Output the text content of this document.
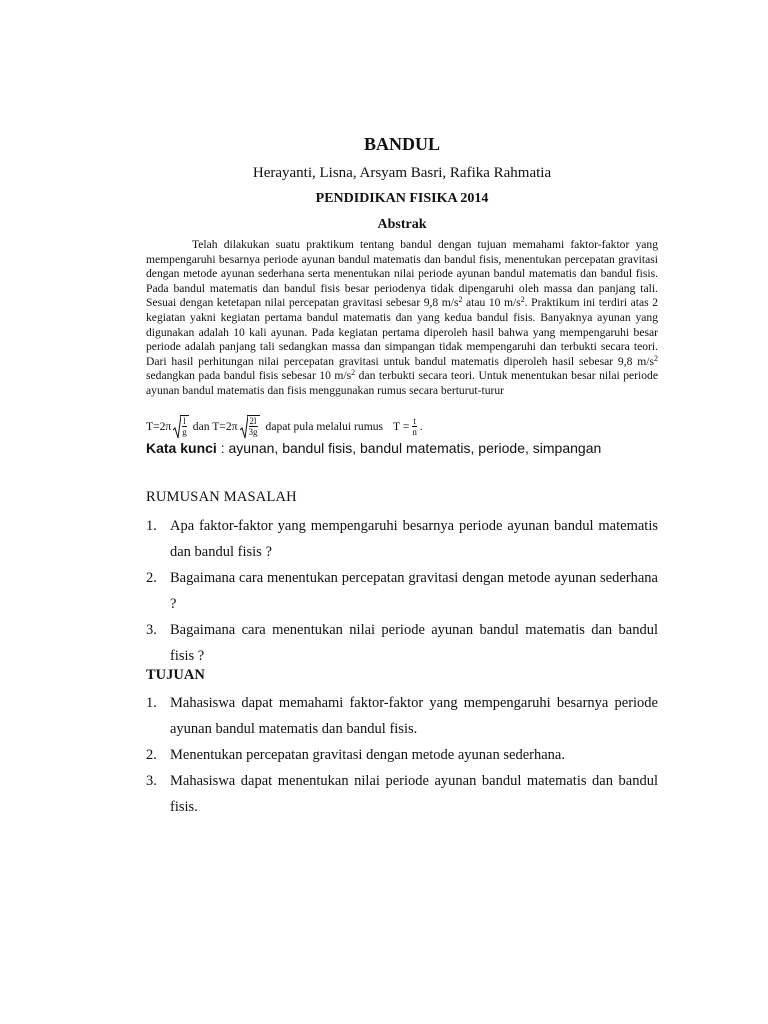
BANDUL
Herayanti, Lisna, Arsyam Basri, Rafika Rahmatia
PENDIDIKAN FISIKA 2014
Abstrak
Telah dilakukan suatu praktikum tentang bandul dengan tujuan memahami faktor-faktor yang mempengaruhi besarnya periode ayunan bandul matematis dan bandul fisis, menentukan percepatan gravitasi dengan metode ayunan sederhana serta menentukan nilai periode ayunan bandul matematis dan bandul fisis. Pada bandul matematis dan bandul fisis besar periodenya tidak dipengaruhi oleh massa dan panjang tali. Sesuai dengan ketetapan nilai percepatan gravitasi sebesar 9,8 $m/s^2$ atau 10 $m/s^2$. Praktikum ini terdiri atas 2 kegiatan yakni kegiatan pertama bandul matematis dan yang kedua bandul fisis. Banyaknya ayunan yang digunakan adalah 10 kali ayunan. Pada kegiatan pertama diperoleh hasil bahwa yang mempengaruhi besar periode adalah panjang tali sedangkan massa dan simpangan tidak mempengaruhi dan terbukti secara teori. Dari hasil perhitungan nilai percepatan gravitasi untuk bandul matematis diperoleh hasil sebesar 9,8 $m/s^2$ sedangkan pada bandul fisis sebesar 10 $m/s^2$ dan terbukti secara teori. Untuk menentukan besar nilai periode ayunan bandul matematis dan fisis menggunakan rumus secara berturut-turur
$T=2\pi \frac{l}{g}$ dan $T=2\pi \frac{2l}{3g}$ dapat pula melalui rumus $T = \frac{t}{n}$ .
Kata kunci : ayunan, bandul fisis, bandul matematis, periode, simpangan
RUMUSAN MASALAH
1. Apa faktor-faktor yang mempengaruhi besarnya periode ayunan bandul matematis dan bandul fisis ?
2. Bagaimana cara menentukan percepatan gravitasi dengan metode ayunan sederhana ?
3. Bagaimana cara menentukan nilai periode ayunan bandul matematis dan bandul fisis ?
TUJUAN
1. Mahasiswa dapat memahami faktor-faktor yang mempengaruhi besarnya periode ayunan bandul matematis dan bandul fisis.
2. Menentukan percepatan gravitasi dengan metode ayunan sederhana.
3. Mahasiswa dapat menentukan nilai periode ayunan bandul matematis dan bandul fisis.
